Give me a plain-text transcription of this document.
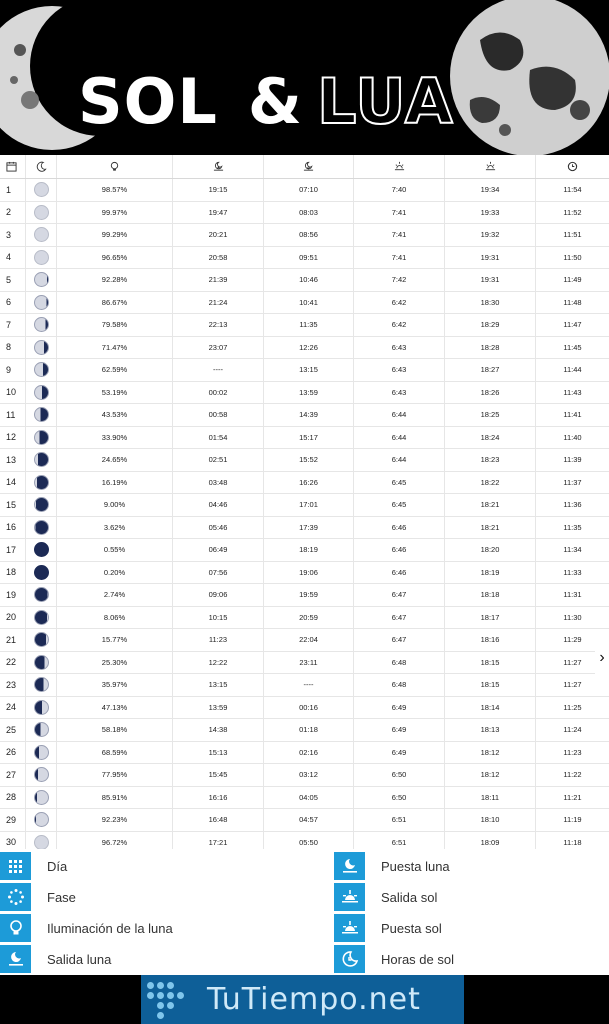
SOL & LUA
1	98.57%	19:15	07:10	7:40	19:34	11:54
2	99.97%	19:47	08:03	7:41	19:33	11:52
3	99.29%	20:21	08:56	7:41	19:32	11:51
4	96.65%	20:58	09:51	7:41	19:31	11:50
5	92.28%	21:39	10:46	7:42	19:31	11:49
6	86.67%	21:24	10:41	6:42	18:30	11:48
7	79.58%	22:13	11:35	6:42	18:29	11:47
8	71.47%	23:07	12:26	6:43	18:28	11:45
9	62.59%	----	13:15	6:43	18:27	11:44
10	53.19%	00:02	13:59	6:43	18:26	11:43
11	43.53%	00:58	14:39	6:44	18:25	11:41
12	33.90%	01:54	15:17	6:44	18:24	11:40
13	24.65%	02:51	15:52	6:44	18:23	11:39
14	16.19%	03:48	16:26	6:45	18:22	11:37
15	9.00%	04:46	17:01	6:45	18:21	11:36
16	3.62%	05:46	17:39	6:46	18:21	11:35
17	0.55%	06:49	18:19	6:46	18:20	11:34
18	0.20%	07:56	19:06	6:46	18:19	11:33
19	2.74%	09:06	19:59	6:47	18:18	11:31
20	8.06%	10:15	20:59	6:47	18:17	11:30
21	15.77%	11:23	22:04	6:47	18:16	11:29
22	25.30%	12:22	23:11	6:48	18:15	11:27
23	35.97%	13:15	----	6:48	18:15	11:27
24	47.13%	13:59	00:16	6:49	18:14	11:25
25	58.18%	14:38	01:18	6:49	18:13	11:24
26	68.59%	15:13	02:16	6:49	18:12	11:23
27	77.95%	15:45	03:12	6:50	18:12	11:22
28	85.91%	16:16	04:05	6:50	18:11	11:21
29	92.23%	16:48	04:57	6:51	18:10	11:19
30	96.72%	17:21	05:50	6:51	18:09	11:18
›
Día
Fase
Iluminación de la luna
Salida luna
Puesta luna
Salida sol
Puesta sol
Horas de sol
TuTiempo.net
